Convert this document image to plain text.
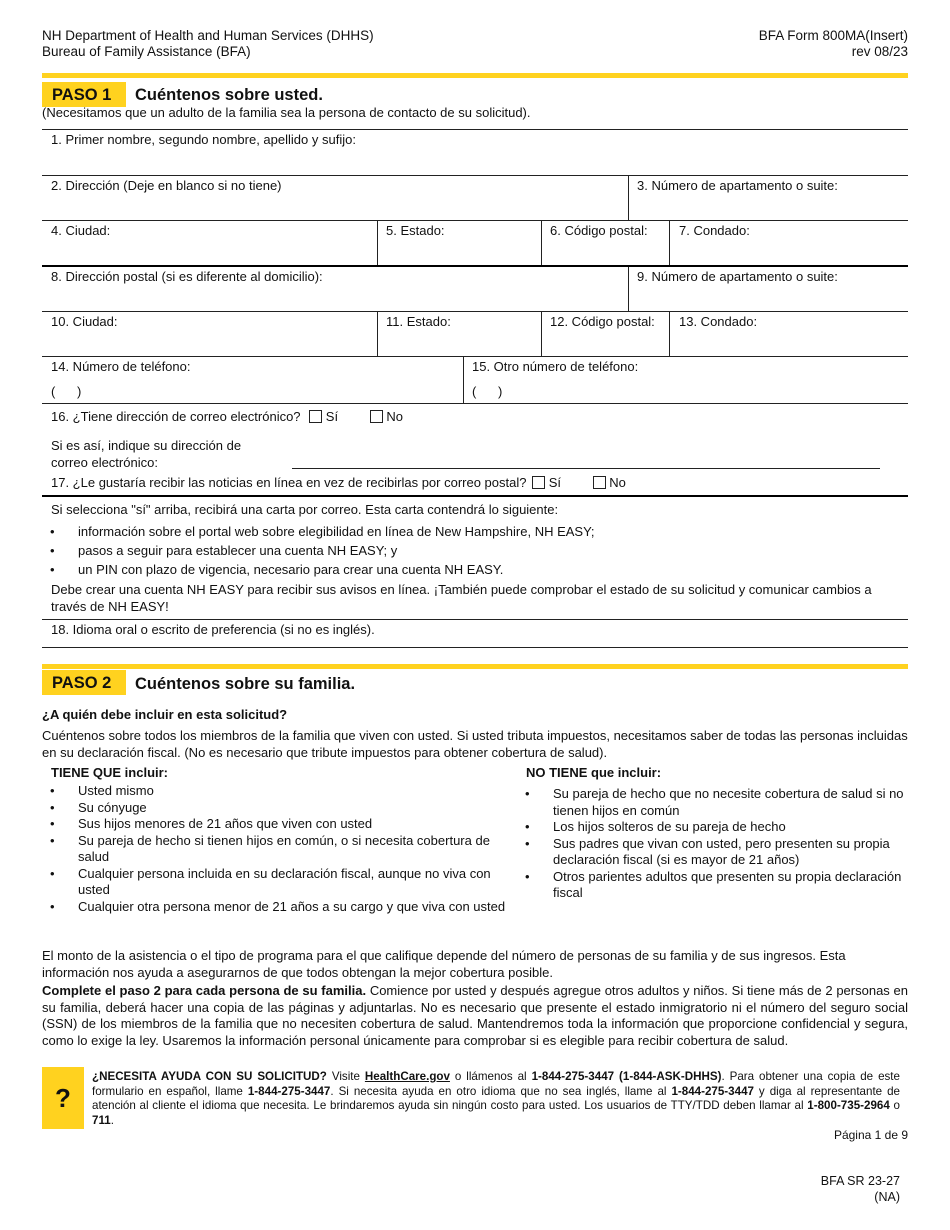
NH Department of Health and Human Services (DHHS)
Bureau of Family Assistance (BFA)
BFA Form 800MA(Insert)
rev 08/23
PASO 1	Cuéntenos sobre usted.
(Necesitamos que un adulto de la familia sea la persona de contacto de su solicitud).
1. Primer nombre, segundo nombre, apellido y sufijo:
2. Dirección (Deje en blanco si no tiene)	3. Número de apartamento o suite:
4. Ciudad:	5. Estado:	6. Código postal: 7. Condado:
8. Dirección postal (si es diferente al domicilio):	9. Número de apartamento o suite:
10. Ciudad:	11. Estado:	12. Código postal: 13. Condado:
14. Número de teléfono:
(      )
15. Otro número de teléfono:
(      )
16. ¿Tiene dirección de correo electrónico? Sí	No
Si es así, indique su dirección de
correo electrónico:
17. ¿Le gustaría recibir las noticias en línea en vez de recibirlas por correo postal? Sí	No
Si selecciona "sí" arriba, recibirá una carta por correo. Esta carta contendrá lo siguiente:
• información sobre el portal web sobre elegibilidad en línea de New Hampshire, NH EASY;
• pasos a seguir para establecer una cuenta NH EASY; y
• un PIN con plazo de vigencia, necesario para crear una cuenta NH EASY.
Debe crear una cuenta NH EASY para recibir sus avisos en línea. ¡También puede comprobar el estado de su solicitud y comunicar cambios a través de NH EASY!
18. Idioma oral o escrito de preferencia (si no es inglés).
PASO 2	Cuéntenos sobre su familia.
¿A quién debe incluir en esta solicitud?
Cuéntenos sobre todos los miembros de la familia que viven con usted. Si usted tributa impuestos, necesitamos saber de todas las personas incluidas en su declaración fiscal. (No es necesario que tribute impuestos para obtener cobertura de salud).
TIENE QUE incluir:
• Usted mismo
• Su cónyuge
• Sus hijos menores de 21 años que viven con usted
• Su pareja de hecho si tienen hijos en común, o si necesita cobertura de salud
• Cualquier persona incluida en su declaración fiscal, aunque no viva con usted
• Cualquier otra persona menor de 21 años a su cargo y que viva con usted
NO TIENE que incluir:
• Su pareja de hecho que no necesite cobertura de salud si no tienen hijos en común
• Los hijos solteros de su pareja de hecho
• Sus padres que vivan con usted, pero presenten su propia declaración fiscal (si es mayor de 21 años)
• Otros parientes adultos que presenten su propia declaración fiscal
El monto de la asistencia o el tipo de programa para el que califique depende del número de personas de su familia y de sus ingresos. Esta información nos ayuda a asegurarnos de que todos obtengan la mejor cobertura posible.
Complete el paso 2 para cada persona de su familia. Comience por usted y después agregue otros adultos y niños. Si tiene más de 2 personas en su familia, deberá hacer una copia de las páginas y adjuntarlas. No es necesario que presente el estado inmigratorio ni el número del seguro social (SSN) de los miembros de la familia que no necesiten cobertura de salud. Mantendremos toda la información que proporcione confidencial y segura, como lo exige la ley. Usaremos la información personal únicamente para comprobar si es elegible para recibir cobertura de salud.
?
¿NECESITA AYUDA CON SU SOLICITUD? Visite HealthCare.gov o llámenos al 1-844-275-3447 (1-844-ASK-DHHS). Para obtener una copia de este formulario en español, llame 1-844-275-3447. Si necesita ayuda en otro idioma que no sea inglés, llame al 1-844-275-3447 y diga al representante de atención al cliente el idioma que necesita. Le brindaremos ayuda sin ningún costo para usted. Los usuarios de TTY/TDD deben llamar al 1-800-735-2964 o 711.
Página 1 de 9
BFA SR 23-27
(NA)
